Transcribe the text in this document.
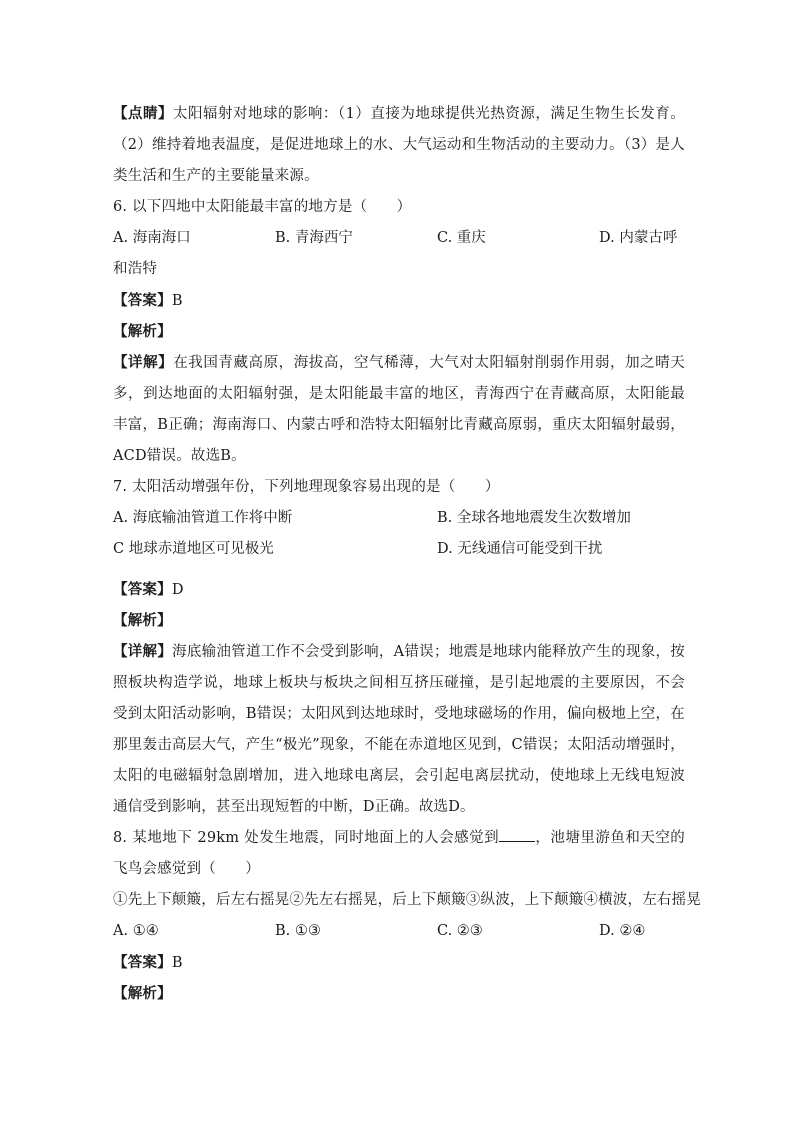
【点睛】太阳辐射对地球的影响：（1）直接为地球提供光热资源，满足生物生长发育。（2）维持着地表温度，是促进地球上的水、大气运动和生物活动的主要动力。（3）是人类生活和生产的主要能量来源。
6. 以下四地中太阳能最丰富的地方是（　　）
A. 海南海口	B. 青海西宁	C. 重庆	D. 内蒙古呼
和浩特
【答案】B
【解析】
【详解】在我国青藏高原，海拔高，空气稀薄，大气对太阳辐射削弱作用弱，加之晴天多，到达地面的太阳辐射强，是太阳能最丰富的地区，青海西宁在青藏高原，太阳能最丰富，B正确；海南海口、内蒙古呼和浩特太阳辐射比青藏高原弱，重庆太阳辐射最弱，ACD错误。故选B。
7. 太阳活动增强年份，下列地理现象容易出现的是（　　）
A. 海底输油管道工作将中断	B. 全球各地地震发生次数增加
C 地球赤道地区可见极光	D. 无线通信可能受到干扰
【答案】D
【解析】
【详解】海底输油管道工作不会受到影响，A错误；地震是地球内能释放产生的现象，按照板块构造学说，地球上板块与板块之间相互挤压碰撞，是引起地震的主要原因，不会受到太阳活动影响，B错误；太阳风到达地球时，受地球磁场的作用，偏向极地上空，在那里轰击高层大气，产生“极光”现象，不能在赤道地区见到，C错误；太阳活动增强时，太阳的电磁辐射急剧增加，进入地球电离层，会引起电离层扰动，使地球上无线电短波通信受到影响，甚至出现短暂的中断，D正确。故选D。
8. 某地地下 29km 处发生地震，同时地面上的人会感觉到 ，池塘里游鱼和天空的飞鸟会感觉到（　　）
①先上下颠簸，后左右摇晃②先左右摇晃，后上下颠簸③纵波，上下颠簸④横波，左右摇晃
A. ①④	B. ①③	C. ②③	D. ②④
【答案】B
【解析】
